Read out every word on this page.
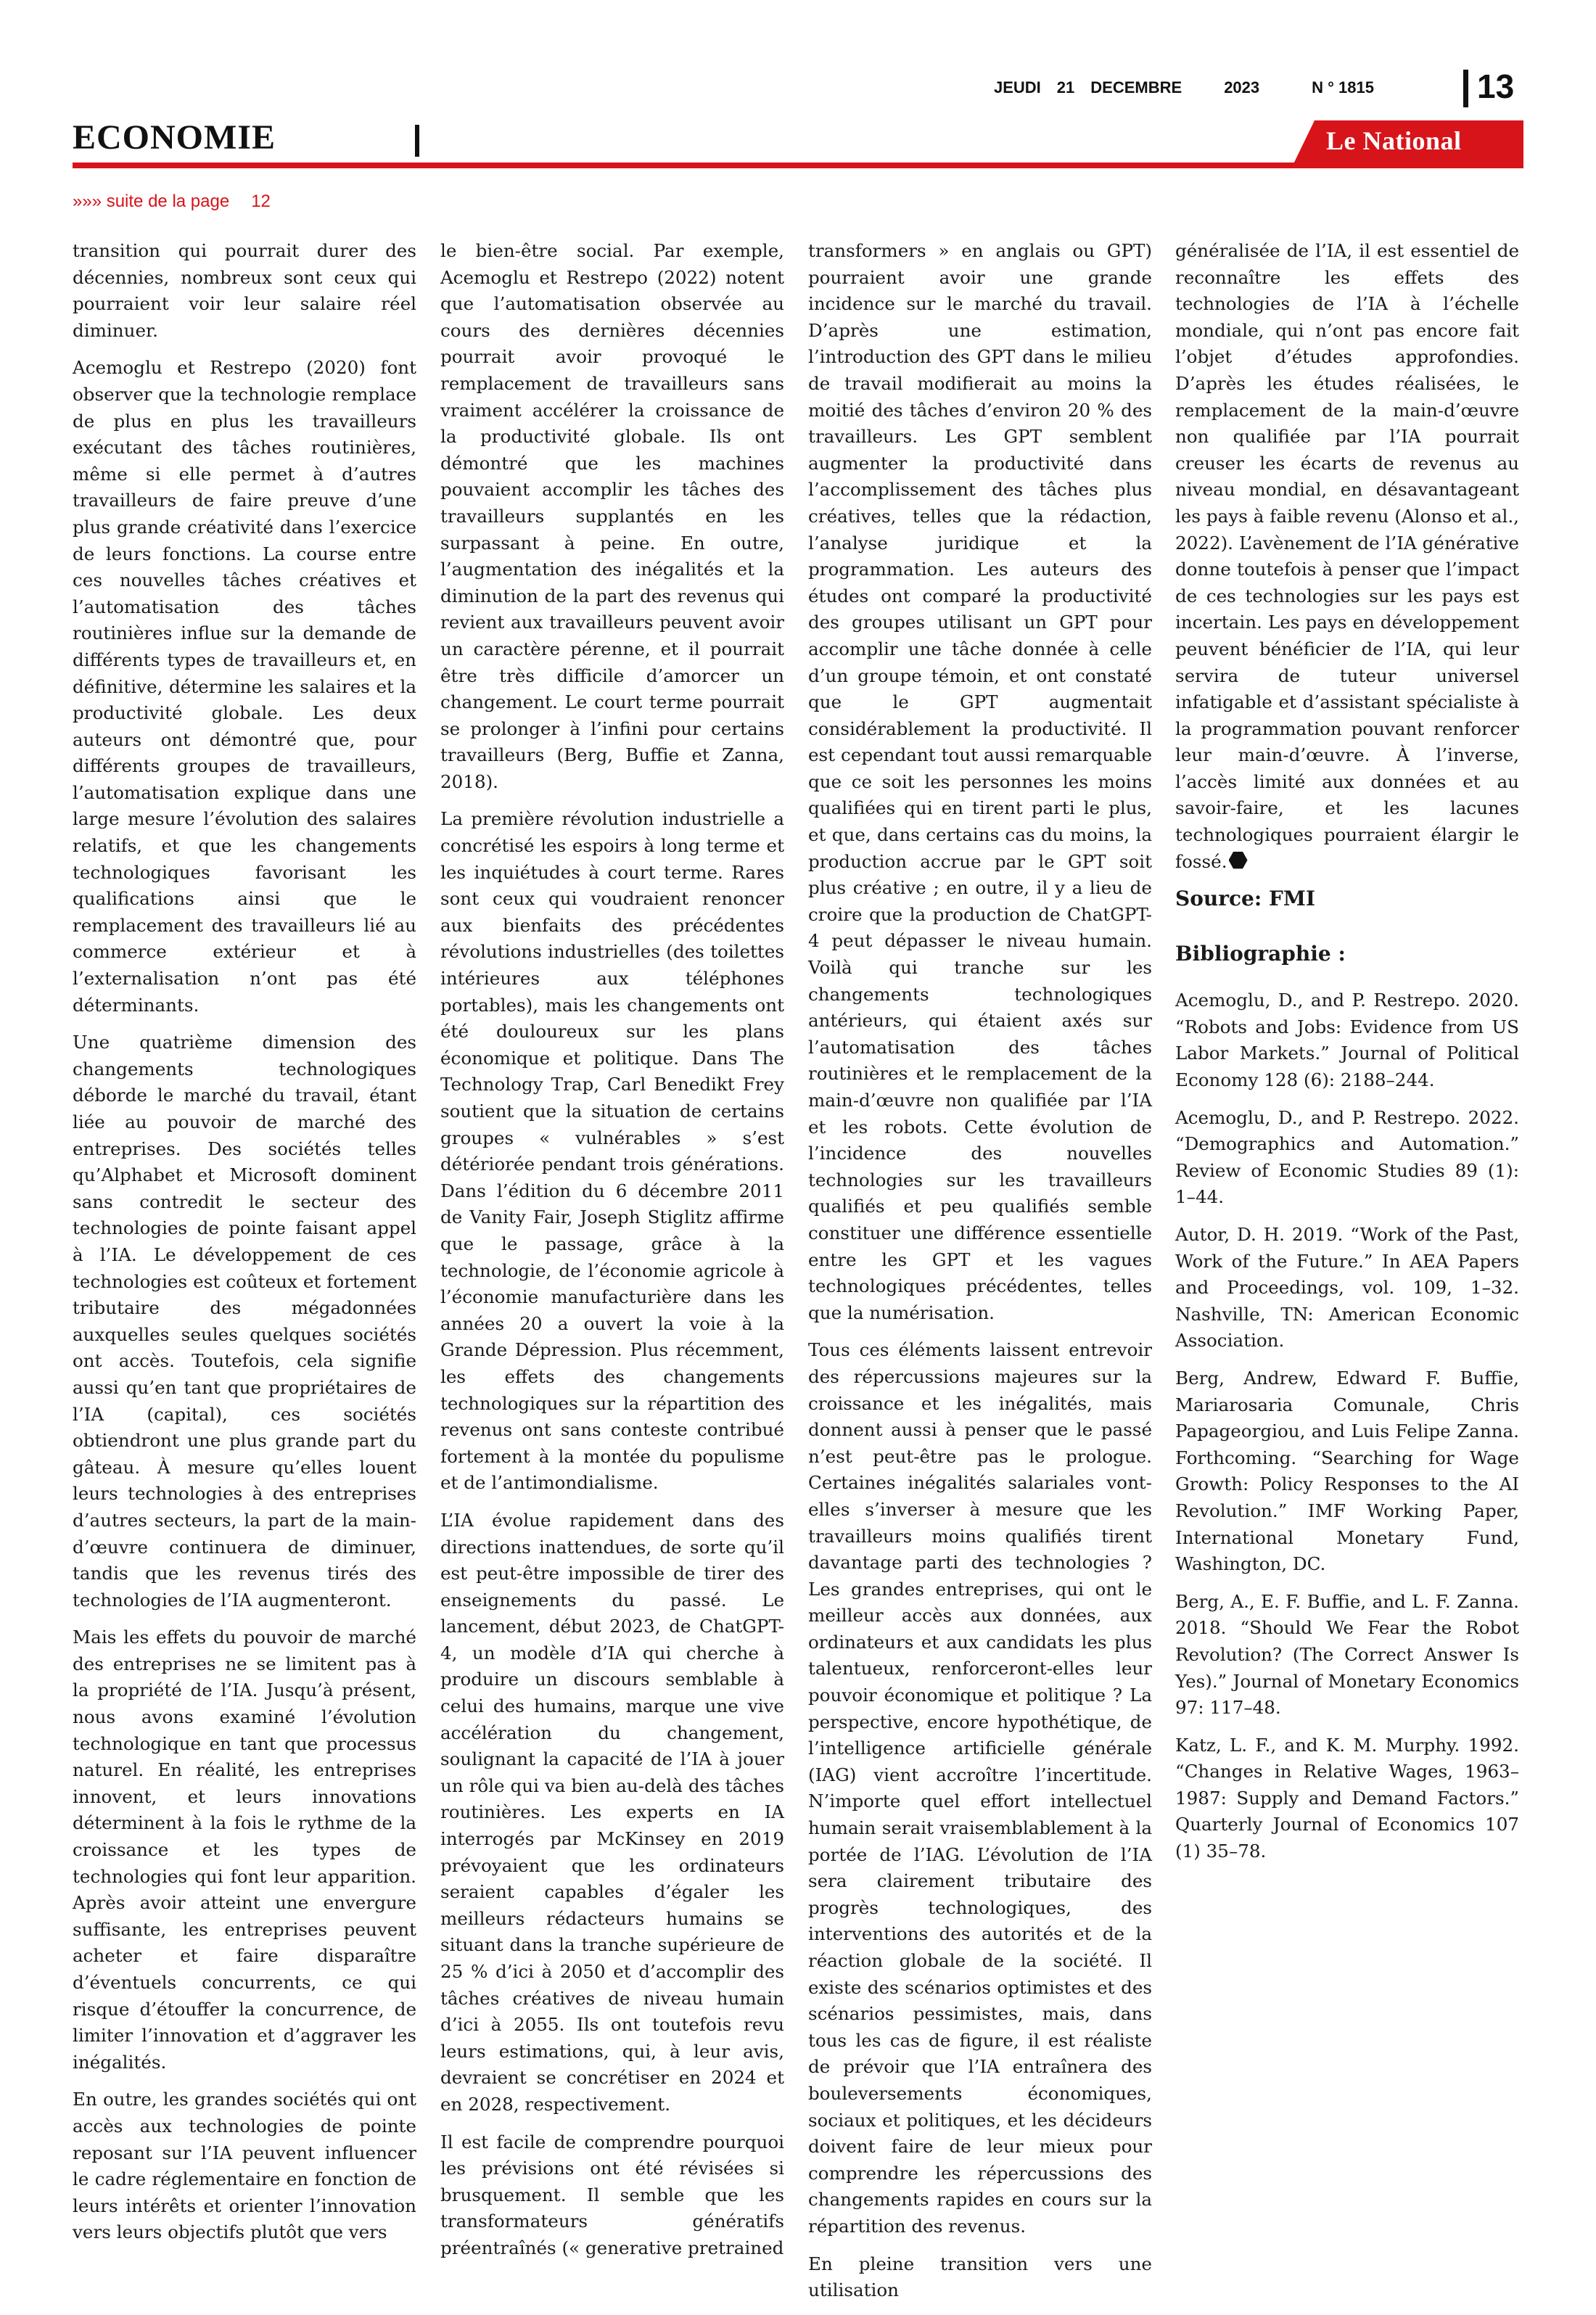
JEUDI 21 DECEMBRE	2023	N ° 1815	13
ECONOMIE	Le National
»»» suite de la page 12

transition qui pourrait durer des décennies, nombreux sont ceux qui pourraient voir leur salaire réel diminuer.

Acemoglu et Restrepo (2020) font observer que la technologie remplace de plus en plus les travailleurs exécutant des tâches routinières, même si elle permet à d’autres travailleurs de faire preuve d’une plus grande créativité dans l’exercice de leurs fonctions. La course entre ces nouvelles tâches créatives et l’automatisation des tâches routinières influe sur la demande de différents types de travailleurs et, en définitive, détermine les salaires et la productivité globale. Les deux auteurs ont démontré que, pour différents groupes de travailleurs, l’automatisation explique dans une large mesure l’évolution des salaires relatifs, et que les changements technologiques favorisant les qualifications ainsi que le remplacement des travailleurs lié au commerce extérieur et à l’externalisation n’ont pas été déterminants.

Une quatrième dimension des changements technologiques déborde le marché du travail, étant liée au pouvoir de marché des entreprises. Des sociétés telles qu’Alphabet et Microsoft dominent sans contredit le secteur des technologies de pointe faisant appel à l’IA. Le développement de ces technologies est coûteux et fortement tributaire des mégadonnées auxquelles seules quelques sociétés ont accès. Toutefois, cela signifie aussi qu’en tant que propriétaires de l’IA (capital), ces sociétés obtiendront une plus grande part du gâteau. À mesure qu’elles louent leurs technologies à des entreprises d’autres secteurs, la part de la main-d’œuvre continuera de diminuer, tandis que les revenus tirés des technologies de l’IA augmenteront.

Mais les effets du pouvoir de marché des entreprises ne se limitent pas à la propriété de l’IA. Jusqu’à présent, nous avons examiné l’évolution technologique en tant que processus naturel. En réalité, les entreprises innovent, et leurs innovations déterminent à la fois le rythme de la croissance et les types de technologies qui font leur apparition. Après avoir atteint une envergure suffisante, les entreprises peuvent acheter et faire disparaître d’éventuels concurrents, ce qui risque d’étouffer la concurrence, de limiter l’innovation et d’aggraver les inégalités.

En outre, les grandes sociétés qui ont accès aux technologies de pointe reposant sur l’IA peuvent influencer le cadre réglementaire en fonction de leurs intérêts et orienter l’innovation vers leurs objectifs plutôt que vers

le bien-être social. Par exemple, Acemoglu et Restrepo (2022) notent que l’automatisation observée au cours des dernières décennies pourrait avoir provoqué le remplacement de travailleurs sans vraiment accélérer la croissance de la productivité globale. Ils ont démontré que les machines pouvaient accomplir les tâches des travailleurs supplantés en les surpassant à peine. En outre, l’augmentation des inégalités et la diminution de la part des revenus qui revient aux travailleurs peuvent avoir un caractère pérenne, et il pourrait être très difficile d’amorcer un changement. Le court terme pourrait se prolonger à l’infini pour certains travailleurs (Berg, Buffie et Zanna, 2018).

La première révolution industrielle a concrétisé les espoirs à long terme et les inquiétudes à court terme. Rares sont ceux qui voudraient renoncer aux bienfaits des précédentes révolutions industrielles (des toilettes intérieures aux téléphones portables), mais les changements ont été douloureux sur les plans économique et politique. Dans The Technology Trap, Carl Benedikt Frey soutient que la situation de certains groupes « vulnérables » s’est détériorée pendant trois générations. Dans l’édition du 6 décembre 2011 de Vanity Fair, Joseph Stiglitz affirme que le passage, grâce à la technologie, de l’économie agricole à l’économie manufacturière dans les années 20 a ouvert la voie à la Grande Dépression. Plus récemment, les effets des changements technologiques sur la répartition des revenus ont sans conteste contribué fortement à la montée du populisme et de l’antimondialisme.

L’IA évolue rapidement dans des directions inattendues, de sorte qu’il est peut-être impossible de tirer des enseignements du passé. Le lancement, début 2023, de ChatGPT-4, un modèle d’IA qui cherche à produire un discours semblable à celui des humains, marque une vive accélération du changement, soulignant la capacité de l’IA à jouer un rôle qui va bien au-delà des tâches routinières. Les experts en IA interrogés par McKinsey en 2019 prévoyaient que les ordinateurs seraient capables d’égaler les meilleurs rédacteurs humains se situant dans la tranche supérieure de 25 % d’ici à 2050 et d’accomplir des tâches créatives de niveau humain d’ici à 2055. Ils ont toutefois revu leurs estimations, qui, à leur avis, devraient se concrétiser en 2024 et en 2028, respectivement.

Il est facile de comprendre pourquoi les prévisions ont été révisées si brusquement. Il semble que les transformateurs génératifs préentraînés (« generative pretrained

transformers » en anglais ou GPT) pourraient avoir une grande incidence sur le marché du travail. D’après une estimation, l’introduction des GPT dans le milieu de travail modifierait au moins la moitié des tâches d’environ 20 % des travailleurs. Les GPT semblent augmenter la productivité dans l’accomplissement des tâches plus créatives, telles que la rédaction, l’analyse juridique et la programmation. Les auteurs des études ont comparé la productivité des groupes utilisant un GPT pour accomplir une tâche donnée à celle d’un groupe témoin, et ont constaté que le GPT augmentait considérablement la productivité. Il est cependant tout aussi remarquable que ce soit les personnes les moins qualifiées qui en tirent parti le plus, et que, dans certains cas du moins, la production accrue par le GPT soit plus créative ; en outre, il y a lieu de croire que la production de ChatGPT-4 peut dépasser le niveau humain. Voilà qui tranche sur les changements technologiques antérieurs, qui étaient axés sur l’automatisation des tâches routinières et le remplacement de la main-d’œuvre non qualifiée par l’IA et les robots. Cette évolution de l’incidence des nouvelles technologies sur les travailleurs qualifiés et peu qualifiés semble constituer une différence essentielle entre les GPT et les vagues technologiques précédentes, telles que la numérisation.

Tous ces éléments laissent entrevoir des répercussions majeures sur la croissance et les inégalités, mais donnent aussi à penser que le passé n’est peut-être pas le prologue. Certaines inégalités salariales vont-elles s’inverser à mesure que les travailleurs moins qualifiés tirent davantage parti des technologies ? Les grandes entreprises, qui ont le meilleur accès aux données, aux ordinateurs et aux candidats les plus talentueux, renforceront-elles leur pouvoir économique et politique ? La perspective, encore hypothétique, de l’intelligence artificielle générale (IAG) vient accroître l’incertitude. N’importe quel effort intellectuel humain serait vraisemblablement à la portée de l’IAG. L’évolution de l’IA sera clairement tributaire des progrès technologiques, des interventions des autorités et de la réaction globale de la société. Il existe des scénarios optimistes et des scénarios pessimistes, mais, dans tous les cas de figure, il est réaliste de prévoir que l’IA entraînera des bouleversements économiques, sociaux et politiques, et les décideurs doivent faire de leur mieux pour comprendre les répercussions des changements rapides en cours sur la répartition des revenus.

En pleine transition vers une utilisation

généralisée de l’IA, il est essentiel de reconnaître les effets des technologies de l’IA à l’échelle mondiale, qui n’ont pas encore fait l’objet d’études approfondies. D’après les études réalisées, le remplacement de la main-d’œuvre non qualifiée par l’IA pourrait creuser les écarts de revenus au niveau mondial, en désavantageant les pays à faible revenu (Alonso et al., 2022). L’avènement de l’IA générative donne toutefois à penser que l’impact de ces technologies sur les pays est incertain. Les pays en développement peuvent bénéficier de l’IA, qui leur servira de tuteur universel infatigable et d’assistant spécialiste à la programmation pouvant renforcer leur main-d’œuvre. À l’inverse, l’accès limité aux données et au savoir-faire, et les lacunes technologiques pourraient élargir le fossé.

Source: FMI
Bibliographie :

Acemoglu, D., and P. Restrepo. 2020. “Robots and Jobs: Evidence from US Labor Markets.” Journal of Political Economy 128 (6): 2188–244.

Acemoglu, D., and P. Restrepo. 2022. “Demographics and Automation.” Review of Economic Studies 89 (1): 1–44.

Autor, D. H. 2019. “Work of the Past, Work of the Future.” In AEA Papers and Proceedings, vol. 109, 1–32. Nashville, TN: American Economic Association.

Berg, Andrew, Edward F. Buffie, Mariarosaria Comunale, Chris Papageorgiou, and Luis Felipe Zanna. Forthcoming. “Searching for Wage Growth: Policy Responses to the AI Revolution.” IMF Working Paper, International Monetary Fund, Washington, DC.

Berg, A., E. F. Buffie, and L. F. Zanna. 2018. “Should We Fear the Robot Revolution? (The Correct Answer Is Yes).” Journal of Monetary Economics 97: 117–48.

Katz, L. F., and K. M. Murphy. 1992. “Changes in Relative Wages, 1963–1987: Supply and Demand Factors.” Quarterly Journal of Economics 107 (1) 35–78.
